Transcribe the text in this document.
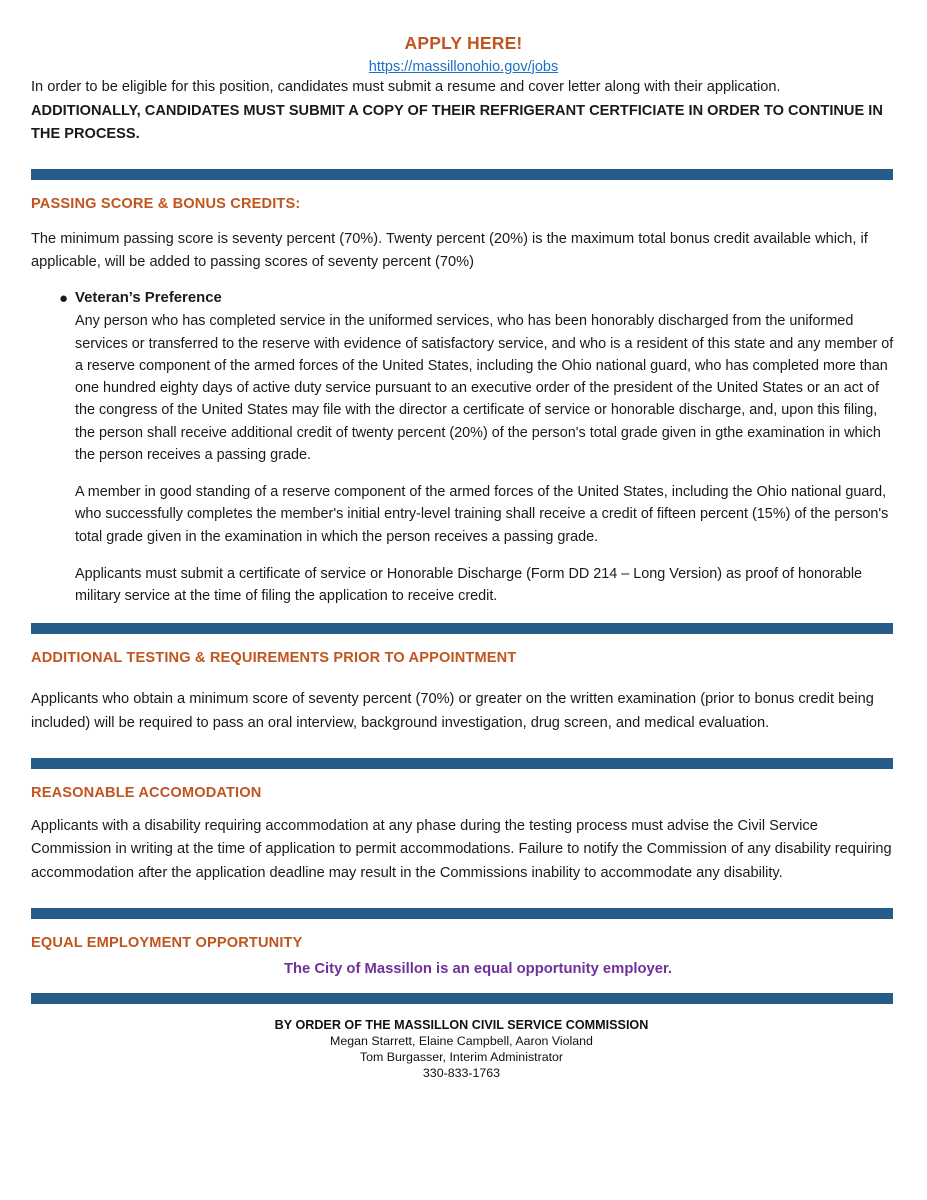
APPLY HERE!
https://massillonohio.gov/jobs

In order to be eligible for this position, candidates must submit a resume and cover letter along with their application.
ADDITIONALLY, CANDIDATES MUST SUBMIT A COPY OF THEIR REFRIGERANT CERTFICIATE IN ORDER TO CONTINUE IN THE PROCESS.

PASSING SCORE & BONUS CREDITS:

The minimum passing score is seventy percent (70%). Twenty percent (20%) is the maximum total bonus credit available which, if applicable, will be added to passing scores of seventy percent (70%)

● Veteran’s Preference

Any person who has completed service in the uniformed services, who has been honorably discharged from the uniformed services or transferred to the reserve with evidence of satisfactory service, and who is a resident of this state and any member of a reserve component of the armed forces of the United States, including the Ohio national guard, who has completed more than one hundred eighty days of active duty service pursuant to an executive order of the president of the United States or an act of the congress of the United States may file with the director a certificate of service or honorable discharge, and, upon this filing, the person shall receive additional credit of twenty percent (20%) of the person's total grade given in gthe examination in which the person receives a passing grade.

A member in good standing of a reserve component of the armed forces of the United States, including the Ohio national guard, who successfully completes the member's initial entry-level training shall receive a credit of fifteen percent (15%) of the person's total grade given in the examination in which the person receives a passing grade.

Applicants must submit a certificate of service or Honorable Discharge (Form DD 214 – Long Version) as proof of honorable military service at the time of filing the application to receive credit.

ADDITIONAL TESTING & REQUIREMENTS PRIOR TO APPOINTMENT

Applicants who obtain a minimum score of seventy percent (70%) or greater on the written examination (prior to bonus credit being included) will be required to pass an oral interview, background investigation, drug screen, and medical evaluation.

REASONABLE ACCOMODATION

Applicants with a disability requiring accommodation at any phase during the testing process must advise the Civil Service Commission in writing at the time of application to permit accommodations. Failure to notify the Commission of any disability requiring accommodation after the application deadline may result in the Commissions inability to accommodate any disability.

EQUAL EMPLOYMENT OPPORTUNITY

The City of Massillon is an equal opportunity employer.

BY ORDER OF THE MASSILLON CIVIL SERVICE COMMISSION
Megan Starrett, Elaine Campbell, Aaron Violand
Tom Burgasser, Interim Administrator
330-833-1763
